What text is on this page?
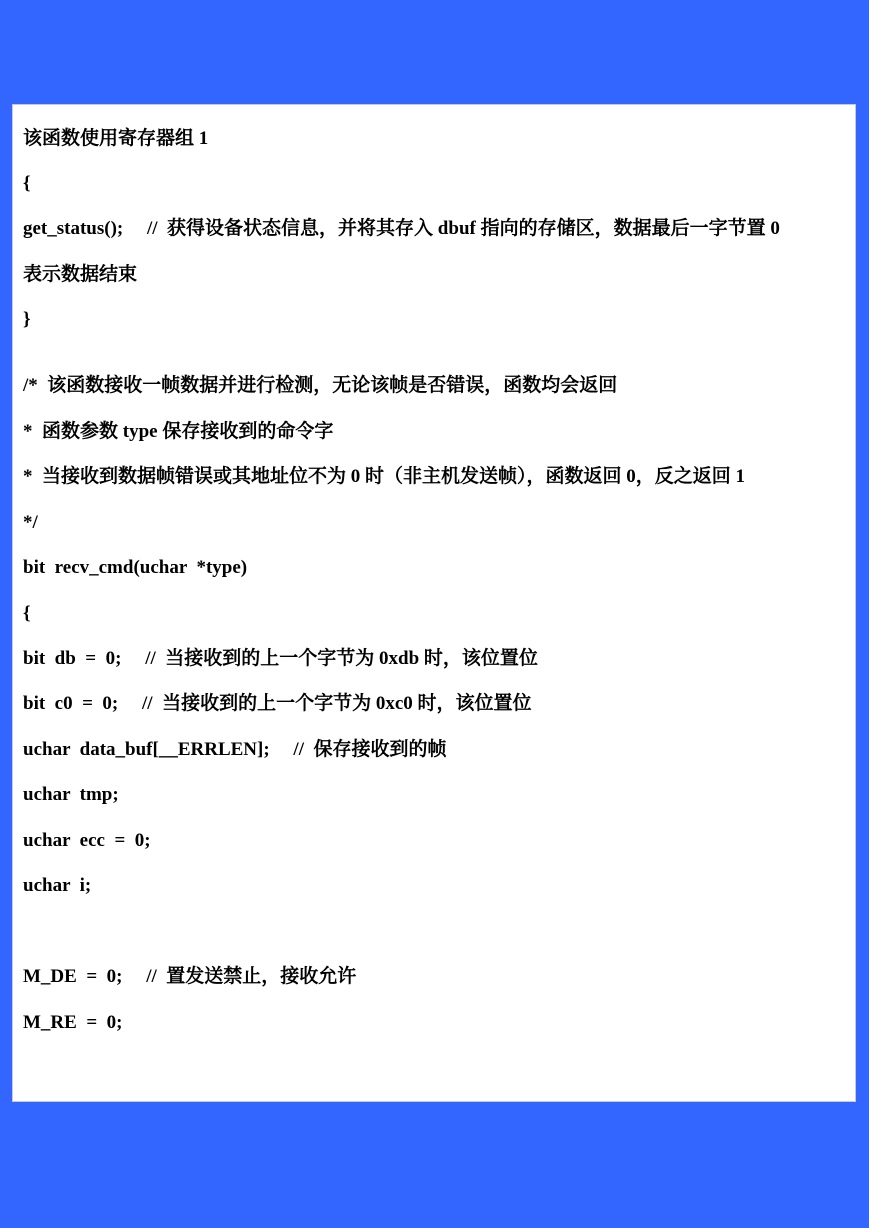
该函数使用寄存器组 1
{
get_status();     //  获得设备状态信息，并将其存入 dbuf 指向的存储区，数据最后一字节置 0
表示数据结束
}
/*  该函数接收一帧数据并进行检测，无论该帧是否错误，函数均会返回
*  函数参数 type 保存接收到的命令字
*  当接收到数据帧错误或其地址位不为 0 时（非主机发送帧），函数返回 0，反之返回 1
*/
bit  recv_cmd(uchar  *type)
{
bit  db  =  0;     //  当接收到的上一个字节为 0xdb 时，该位置位
bit  c0  =  0;     //  当接收到的上一个字节为 0xc0 时，该位置位
uchar  data_buf[__ERRLEN];     //  保存接收到的帧
uchar  tmp;
uchar  ecc  =  0;
uchar  i;
M_DE  =  0;     //  置发送禁止，接收允许
M_RE  =  0;
